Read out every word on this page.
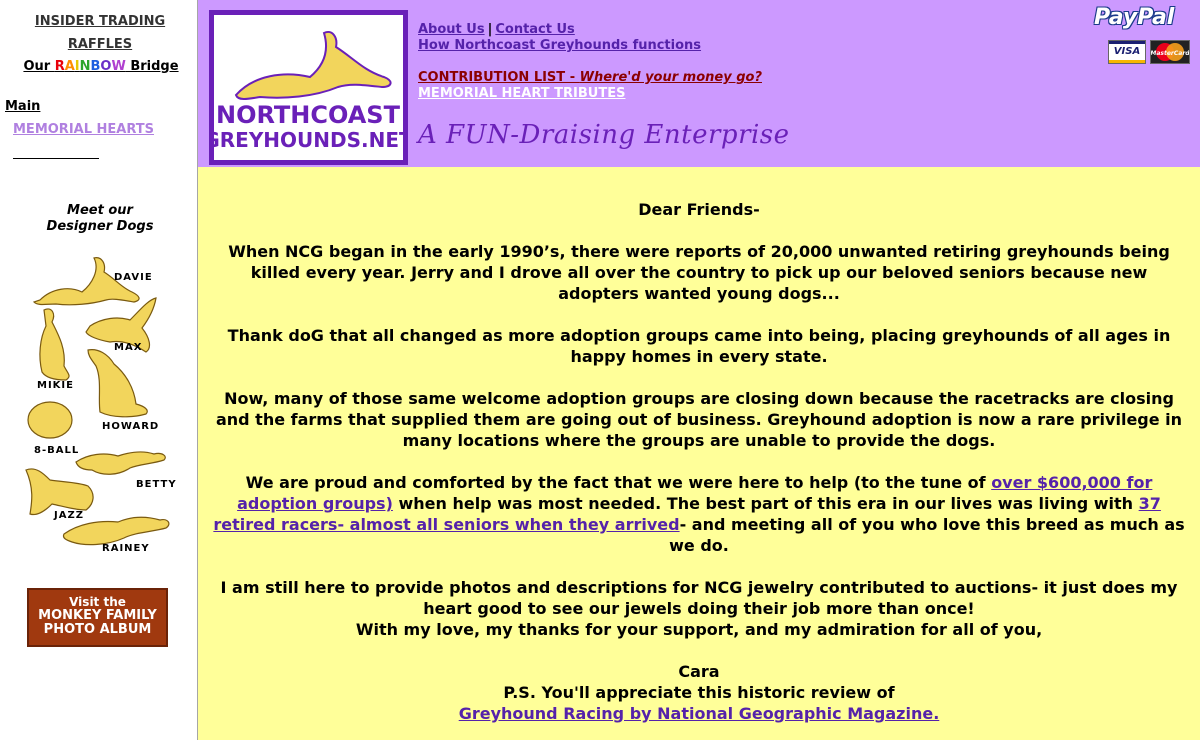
INSIDER TRADING
RAFFLES
Our RAINBOW Bridge
Main
MEMORIAL HEARTS
Meet our
Designer Dogs
DAVIE
MAX
MIKIE
HOWARD
8-BALL
BETTY
JAZZ
RAINEY
Visit the
MONKEY FAMILY
PHOTO ALBUM
NORTHCOAST
GREYHOUNDS.NET
About Us | Contact Us
How Northcoast Greyhounds functions
CONTRIBUTION LIST - Where'd your money go?
MEMORIAL HEART TRIBUTES
A FUN-Draising Enterprise
PayPal
VISA	MasterCard

Dear Friends-

When NCG began in the early 1990’s, there were reports of 20,000 unwanted retiring greyhounds being killed every year. Jerry and I drove all over the country to pick up our beloved seniors because new adopters wanted young dogs...

Thank doG that all changed as more adoption groups came into being, placing greyhounds of all ages in happy homes in every state.

Now, many of those same welcome adoption groups are closing down because the racetracks are closing and the farms that supplied them are going out of business. Greyhound adoption is now a rare privilege in many locations where the groups are unable to provide the dogs.

We are proud and comforted by the fact that we were here to help (to the tune of over $600,000 for adoption groups) when help was most needed. The best part of this era in our lives was living with 37 retired racers- almost all seniors when they arrived- and meeting all of you who love this breed as much as we do.

I am still here to provide photos and descriptions for NCG jewelry contributed to auctions- it just does my heart good to see our jewels doing their job more than once!
With my love, my thanks for your support, and my admiration for all of you,

Cara
P.S. You'll appreciate this historic review of
Greyhound Racing by National Geographic Magazine.
